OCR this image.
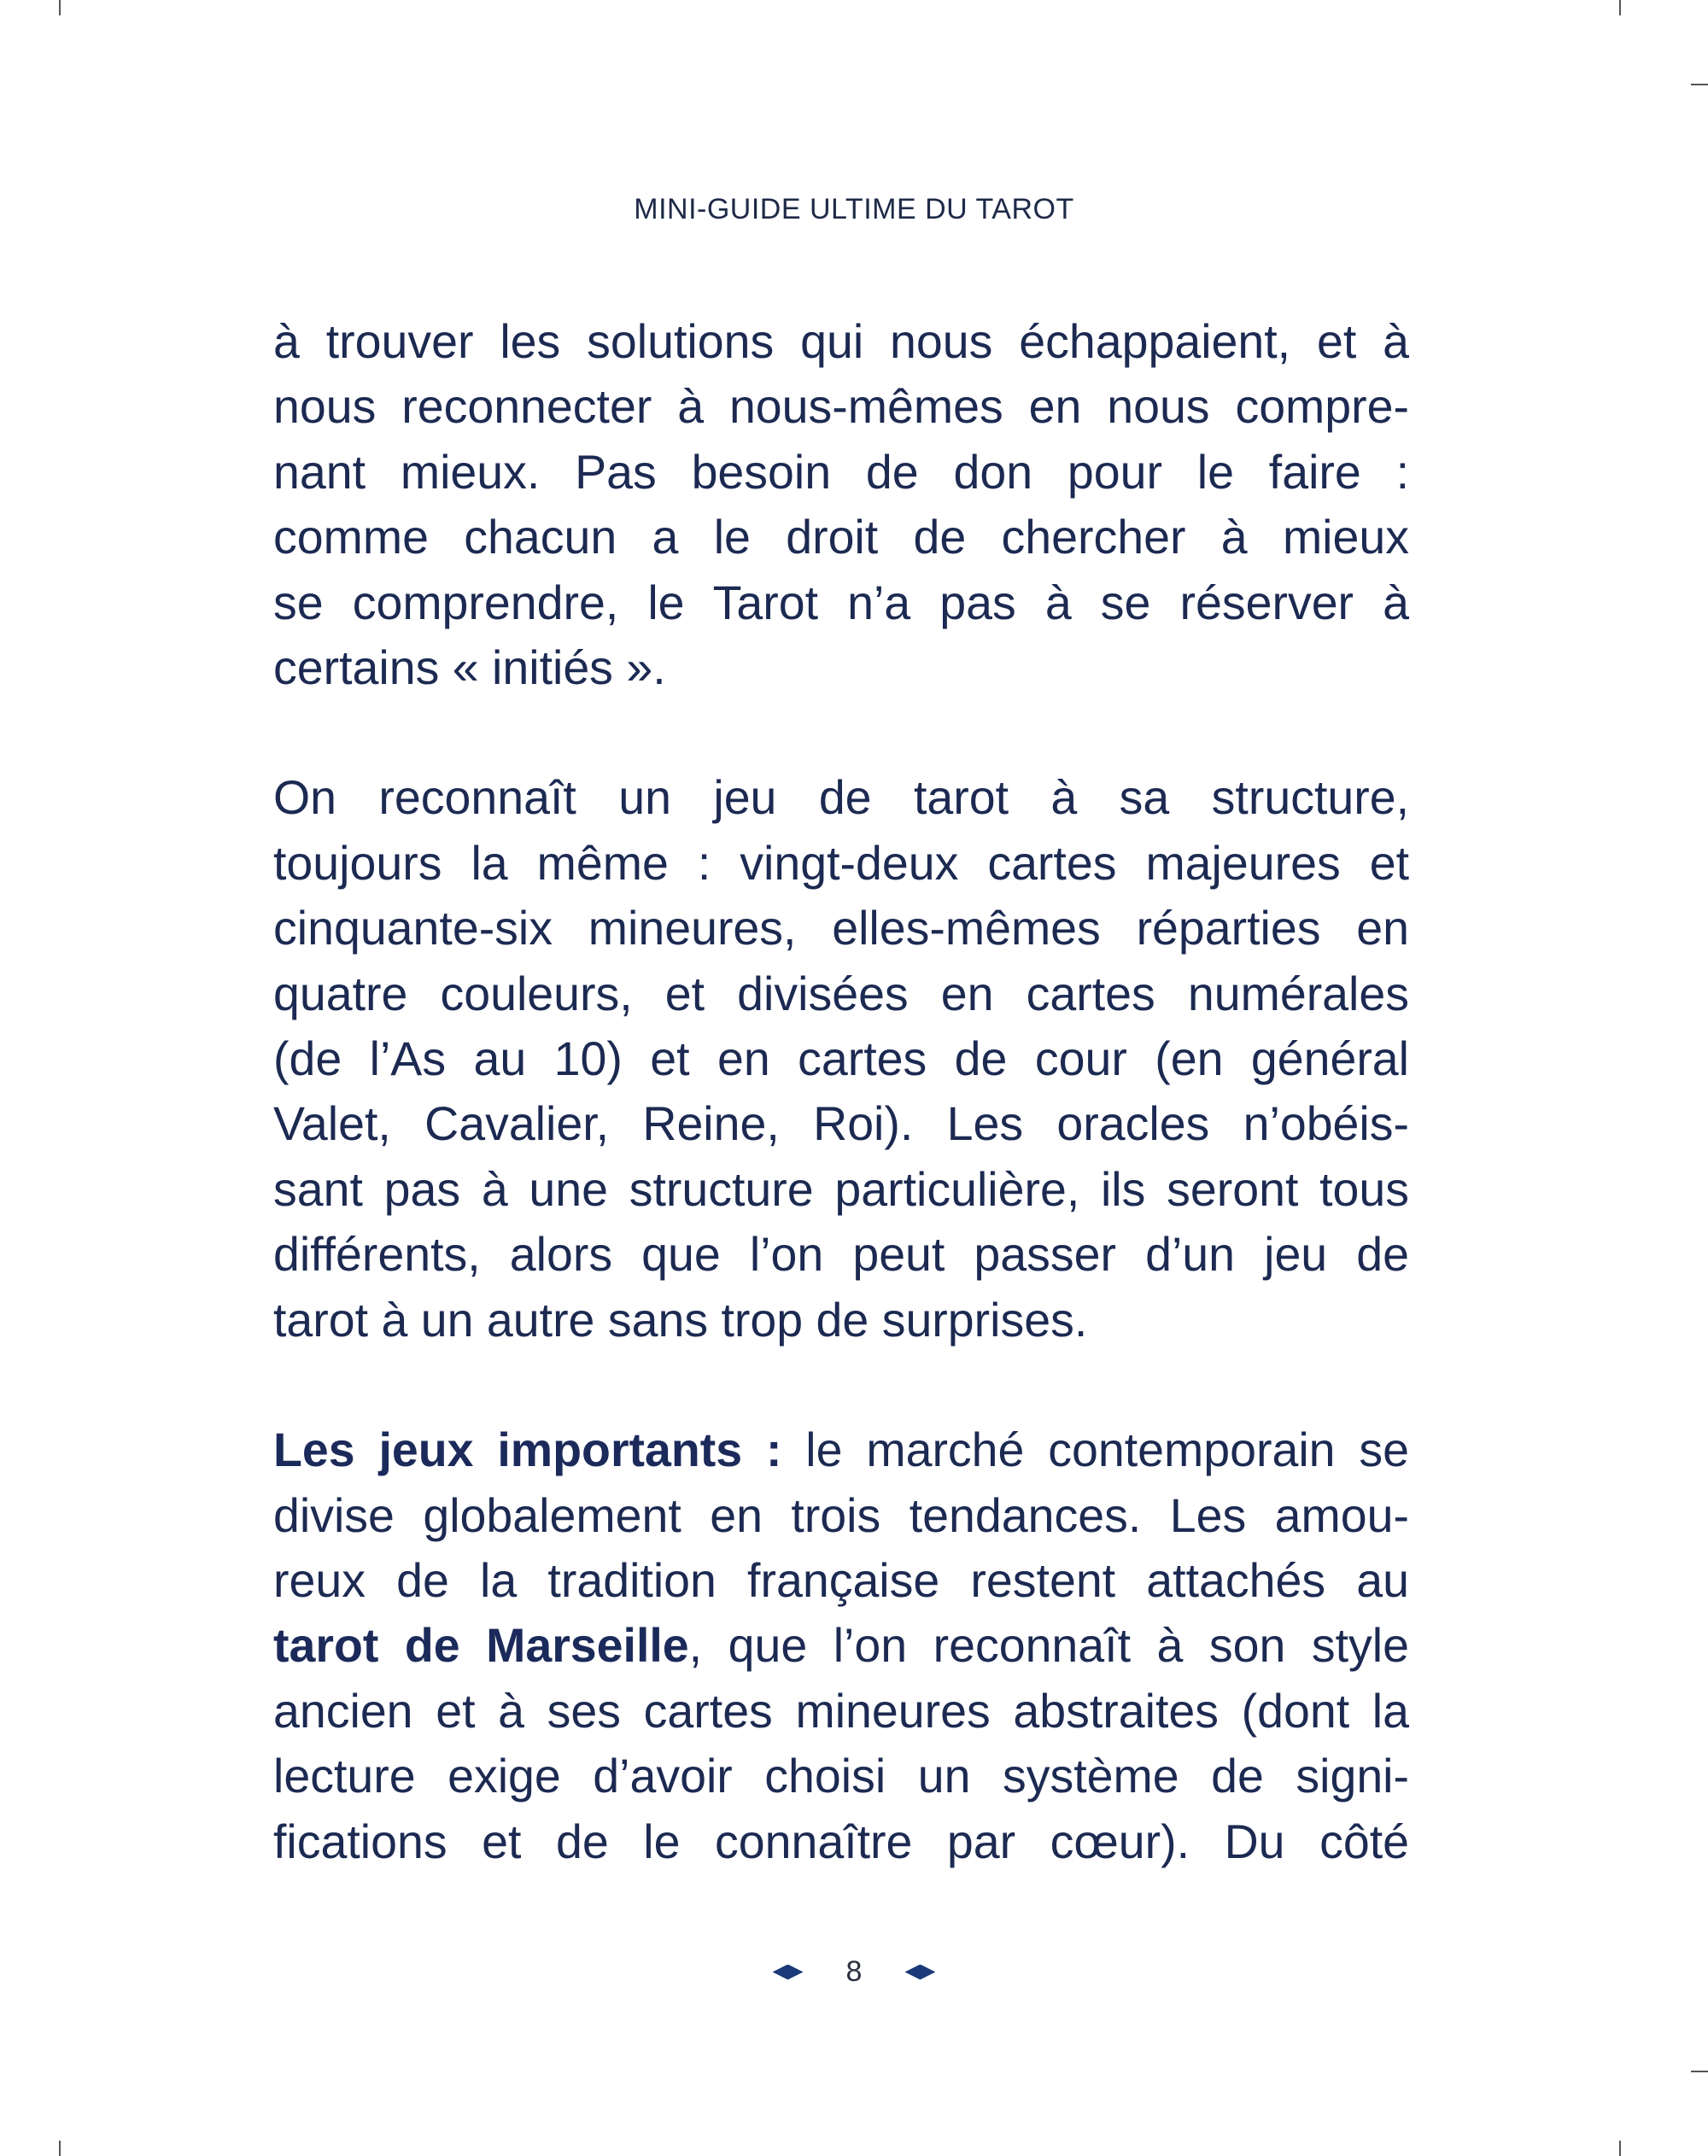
MINI-GUIDE ULTIME DU TAROT

à trouver les solutions qui nous échappaient, et à
nous reconnecter à nous-mêmes en nous compre-
nant mieux. Pas besoin de don pour le faire :
comme chacun a le droit de chercher à mieux
se comprendre, le Tarot n’a pas à se réserver à
certains « initiés ».

On reconnaît un jeu de tarot à sa structure,
toujours la même : vingt-deux cartes majeures et
cinquante-six mineures, elles-mêmes réparties en
quatre couleurs, et divisées en cartes numérales
(de l’As au 10) et en cartes de cour (en général
Valet, Cavalier, Reine, Roi). Les oracles n’obéis-
sant pas à une structure particulière, ils seront tous
différents, alors que l’on peut passer d’un jeu de
tarot à un autre sans trop de surprises.

Les jeux importants : le marché contemporain se
divise globalement en trois tendances. Les amou-
reux de la tradition française restent attachés au
tarot de Marseille, que l’on reconnaît à son style
ancien et à ses cartes mineures abstraites (dont la
lecture exige d’avoir choisi un système de signi-
fications et de le connaître par cœur). Du côté

8
